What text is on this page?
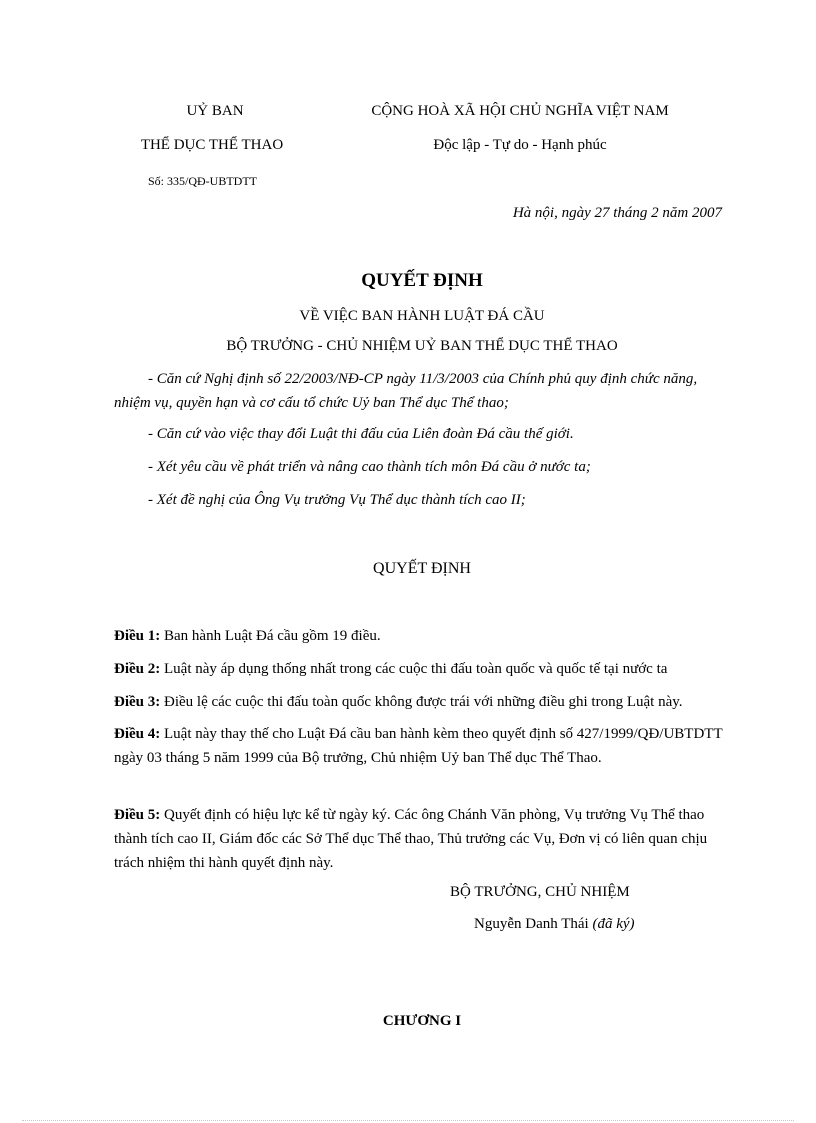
UỶ BAN
THỂ DỤC THỂ THAO
Số: 335/QĐ-UBTDTT
CỘNG HOÀ XÃ HỘI CHỦ NGHĨA VIỆT NAM
Độc lập - Tự do - Hạnh phúc
Hà nội, ngày 27 tháng 2 năm 2007
QUYẾT ĐỊNH
VỀ VIỆC BAN HÀNH LUẬT ĐÁ CẦU
BỘ TRƯỞNG - CHỦ NHIỆM UỶ BAN THỂ DỤC THỂ THAO
- Căn cứ Nghị định số 22/2003/NĐ-CP ngày 11/3/2003 của Chính phủ quy định chức năng, nhiệm vụ, quyền hạn và cơ cấu tổ chức Uỷ ban Thể dục Thể thao;
- Căn cứ vào việc thay đổi Luật thi đấu của Liên đoàn Đá cầu thế giới.
- Xét yêu cầu về phát triển và nâng cao thành tích môn Đá cầu ở nước ta;
- Xét đề nghị của Ông Vụ trưởng Vụ Thể dục thành tích cao II;
QUYẾT ĐỊNH
Điều 1: Ban hành Luật Đá cầu gồm 19 điều.
Điều 2: Luật này áp dụng thống nhất trong các cuộc thi đấu toàn quốc và quốc tế tại nước ta
Điều 3: Điều lệ các cuộc thi đấu toàn quốc không được trái với những điều ghi trong Luật này.
Điều 4: Luật này thay thế cho Luật Đá cầu ban hành kèm theo quyết định số 427/1999/QĐ/UBTDTT ngày 03 tháng 5 năm 1999 của Bộ trưởng, Chủ nhiệm Uỷ ban Thể dục Thể Thao.
Điều 5: Quyết định có hiệu lực kể từ ngày ký. Các ông Chánh Văn phòng, Vụ trưởng Vụ Thể thao thành tích cao II, Giám đốc các Sở Thể dục Thể thao, Thủ trưởng các Vụ, Đơn vị có liên quan chịu trách nhiệm thi hành quyết định này.
BỘ TRƯỞNG, CHỦ NHIỆM
Nguyễn Danh Thái (đã ký)
CHƯƠNG I
